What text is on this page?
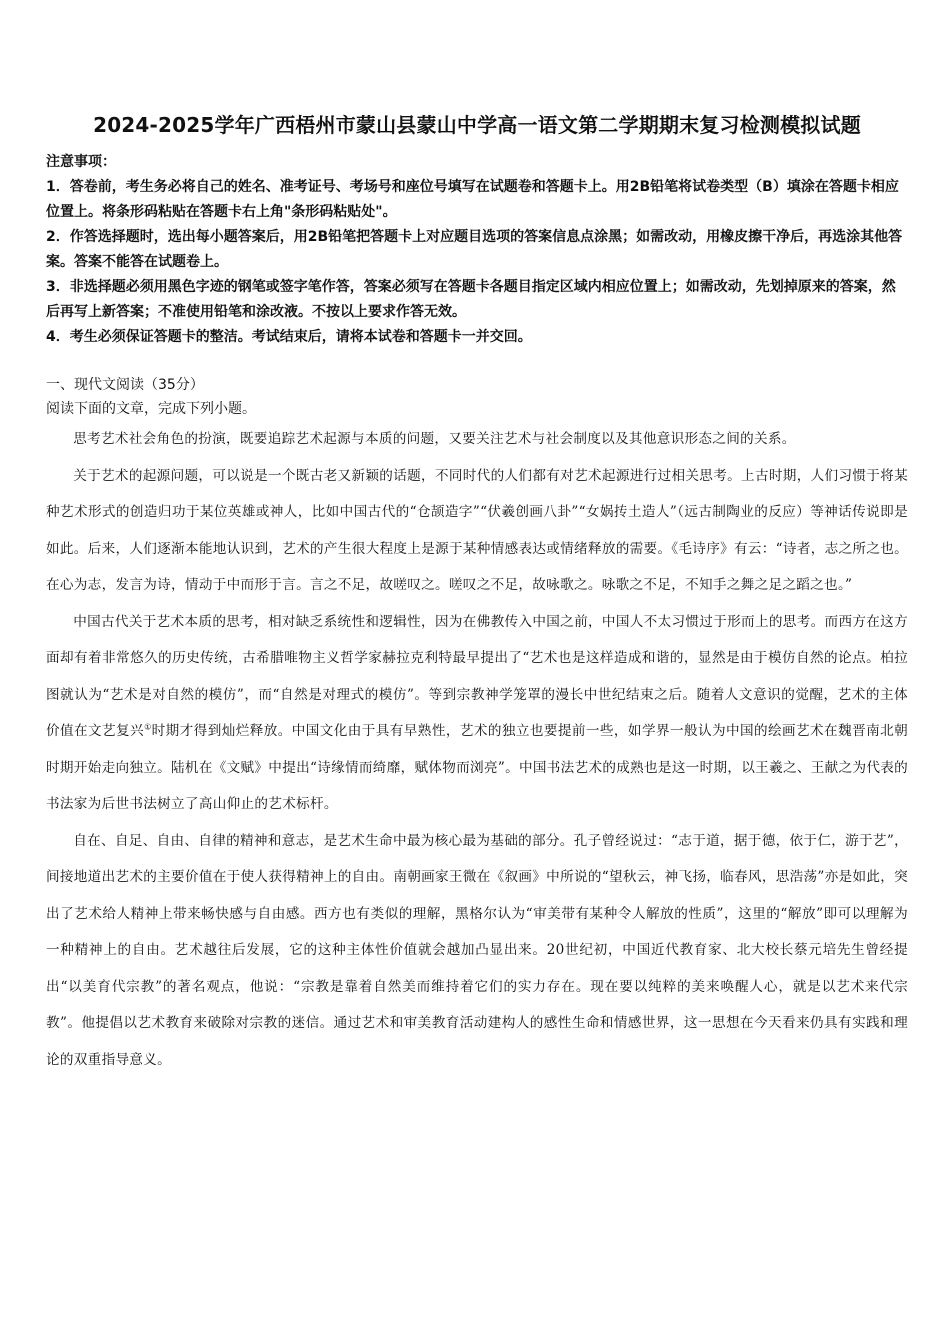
2024-2025学年广西梧州市蒙山县蒙山中学高一语文第二学期期末复习检测模拟试题

注意事项：

1．答卷前，考生务必将自己的姓名、准考证号、考场号和座位号填写在试题卷和答题卡上。用2B铅笔将试卷类型（B）填涂在答题卡相应位置上。将条形码粘贴在答题卡右上角"条形码粘贴处"。

2．作答选择题时，选出每小题答案后，用2B铅笔把答题卡上对应题目选项的答案信息点涂黑；如需改动，用橡皮擦干净后，再选涂其他答案。答案不能答在试题卷上。

3．非选择题必须用黑色字迹的钢笔或签字笔作答，答案必须写在答题卡各题目指定区域内相应位置上；如需改动，先划掉原来的答案，然后再写上新答案；不准使用铅笔和涂改液。不按以上要求作答无效。

4．考生必须保证答题卡的整洁。考试结束后，请将本试卷和答题卡一并交回。

一、现代文阅读（35分）
阅读下面的文章，完成下列小题。

思考艺术社会角色的扮演，既要追踪艺术起源与本质的问题，又要关注艺术与社会制度以及其他意识形态之间的关系。

关于艺术的起源问题，可以说是一个既古老又新颖的话题，不同时代的人们都有对艺术起源进行过相关思考。上古时期，人们习惯于将某种艺术形式的创造归功于某位英雄或神人，比如中国古代的“仓颉造字”“伏羲创画八卦”“女娲抟土造人”（远古制陶业的反应）等神话传说即是如此。后来，人们逐渐本能地认识到，艺术的产生很大程度上是源于某种情感表达或情绪释放的需要。《毛诗序》有云：“诗者，志之所之也。在心为志，发言为诗，情动于中而形于言。言之不足，故嗟叹之。嗟叹之不足，故咏歌之。咏歌之不足，不知手之舞之足之蹈之也。”

中国古代关于艺术本质的思考，相对缺乏系统性和逻辑性，因为在佛教传入中国之前，中国人不太习惯过于形而上的思考。而西方在这方面却有着非常悠久的历史传统，古希腊唯物主义哲学家赫拉克利特最早提出了“艺术也是这样造成和谐的，显然是由于模仿自然的论点。柏拉图就认为“艺术是对自然的模仿”，而“自然是对理式的模仿”。等到宗教神学笼罩的漫长中世纪结束之后。随着人文意识的觉醒，艺术的主体价值在文艺复兴①时期才得到灿烂释放。中国文化由于具有早熟性，艺术的独立也要提前一些，如学界一般认为中国的绘画艺术在魏晋南北朝时期开始走向独立。陆机在《文赋》中提出“诗缘情而绮靡，赋体物而浏亮”。中国书法艺术的成熟也是这一时期，以王羲之、王献之为代表的书法家为后世书法树立了高山仰止的艺术标杆。

自在、自足、自由、自律的精神和意志，是艺术生命中最为核心最为基础的部分。孔子曾经说过：“志于道，据于德，依于仁，游于艺”，间接地道出艺术的主要价值在于使人获得精神上的自由。南朝画家王微在《叙画》中所说的“望秋云，神飞扬，临春风，思浩荡”亦是如此，突出了艺术给人精神上带来畅快感与自由感。西方也有类似的理解，黑格尔认为“审美带有某种令人解放的性质”，这里的“解放”即可以理解为一种精神上的自由。艺术越往后发展，它的这种主体性价值就会越加凸显出来。20世纪初，中国近代教育家、北大校长蔡元培先生曾经提出“以美育代宗教”的著名观点，他说：“宗教是靠着自然美而维持着它们的实力存在。现在要以纯粹的美来唤醒人心，就是以艺术来代宗教”。他提倡以艺术教育来破除对宗教的迷信。通过艺术和审美教育活动建构人的感性生命和情感世界，这一思想在今天看来仍具有实践和理论的双重指导意义。
